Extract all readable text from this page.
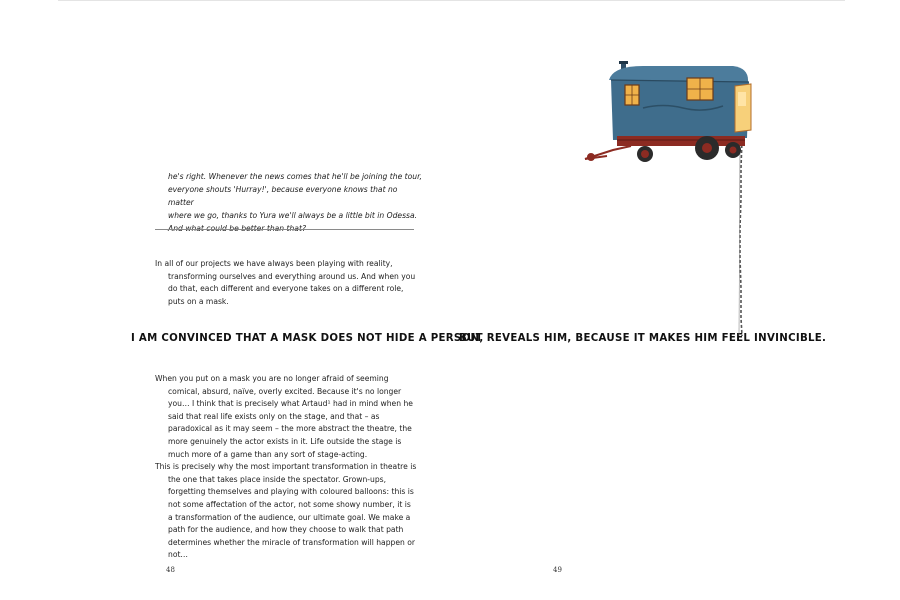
he's right. Whenever the news comes that he'll be joining the tour,
everyone shouts 'Hurray!', because everyone knows that no matter
where we go, thanks to Yura we'll always be a little bit in Odessa.

In all of our projects we have always been playing with reality, transforming ourselves and everything around us. And when you do that, each different and everyone takes on a different role, puts on a mask.

When you put on a mask you are no longer afraid of seeming comical, absurd, naïve, overly excited. Because it's no longer you… I think that is precisely what Artaud¹ had in mind when he said that real life exists only on the stage, and that – as paradoxical as it may seem – the more abstract the theatre, the more genuinely the actor exists in it. Life outside the stage is much more of a game than any sort of stage-acting.

This is precisely why the most important transformation in theatre is the one that takes place inside the spectator. Grown-ups, forgetting themselves and playing with coloured balloons: this is not some affectation of the actor, not some showy number, it is a transformation of the audience, our ultimate goal. We make a path for the audience, and how they choose to walk that path determines whether the miracle of transformation will happen or not…

48	49
I AM CONVINCED THAT A MASK DOES NOT HIDE A PERSON,
BUT REVEALS HIM, BECAUSE IT MAKES HIM FEEL INVINCIBLE.
